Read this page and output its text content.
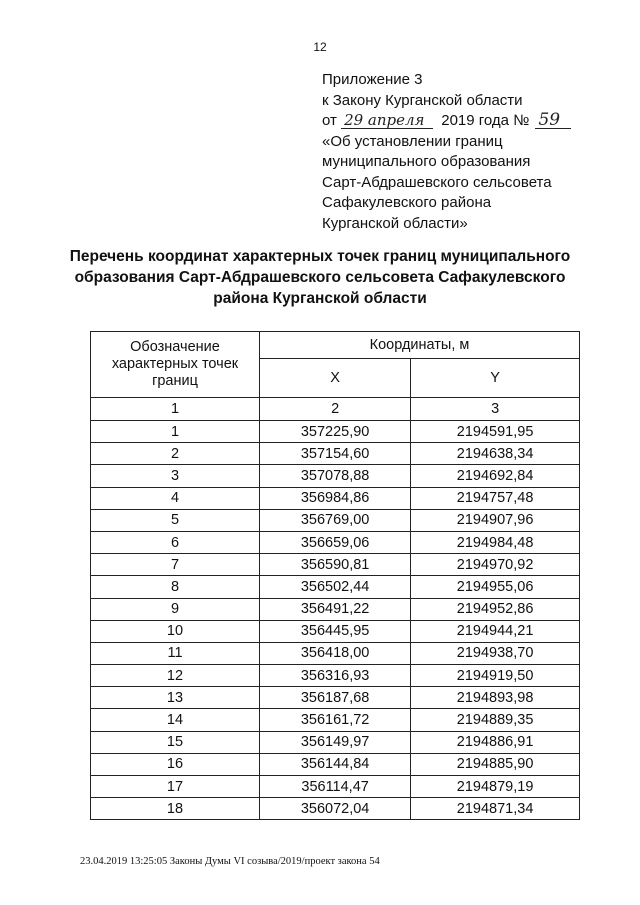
12
Приложение 3
к Закону Курганской области
от 29 апреля 2019 года № 59
«Об установлении границ
муниципального образования
Сарт-Абдрашевского сельсовета
Сафакулевского района
Курганской области»
Перечень координат характерных точек границ муниципального
образования Сарт-Абдрашевского сельсовета Сафакулевского
района Курганской области
Обозначение характерных точек границ	Координаты, м	
	X	Y
1	2	3
1	357225,90	2194591,95
2	357154,60	2194638,34
3	357078,88	2194692,84
4	356984,86	2194757,48
5	356769,00	2194907,96
6	356659,06	2194984,48
7	356590,81	2194970,92
8	356502,44	2194955,06
9	356491,22	2194952,86
10	356445,95	2194944,21
11	356418,00	2194938,70
12	356316,93	2194919,50
13	356187,68	2194893,98
14	356161,72	2194889,35
15	356149,97	2194886,91
16	356144,84	2194885,90
17	356114,47	2194879,19
18	356072,04	2194871,34
23.04.2019 13:25:05 Законы Думы VI созыва/2019/проект закона 54
